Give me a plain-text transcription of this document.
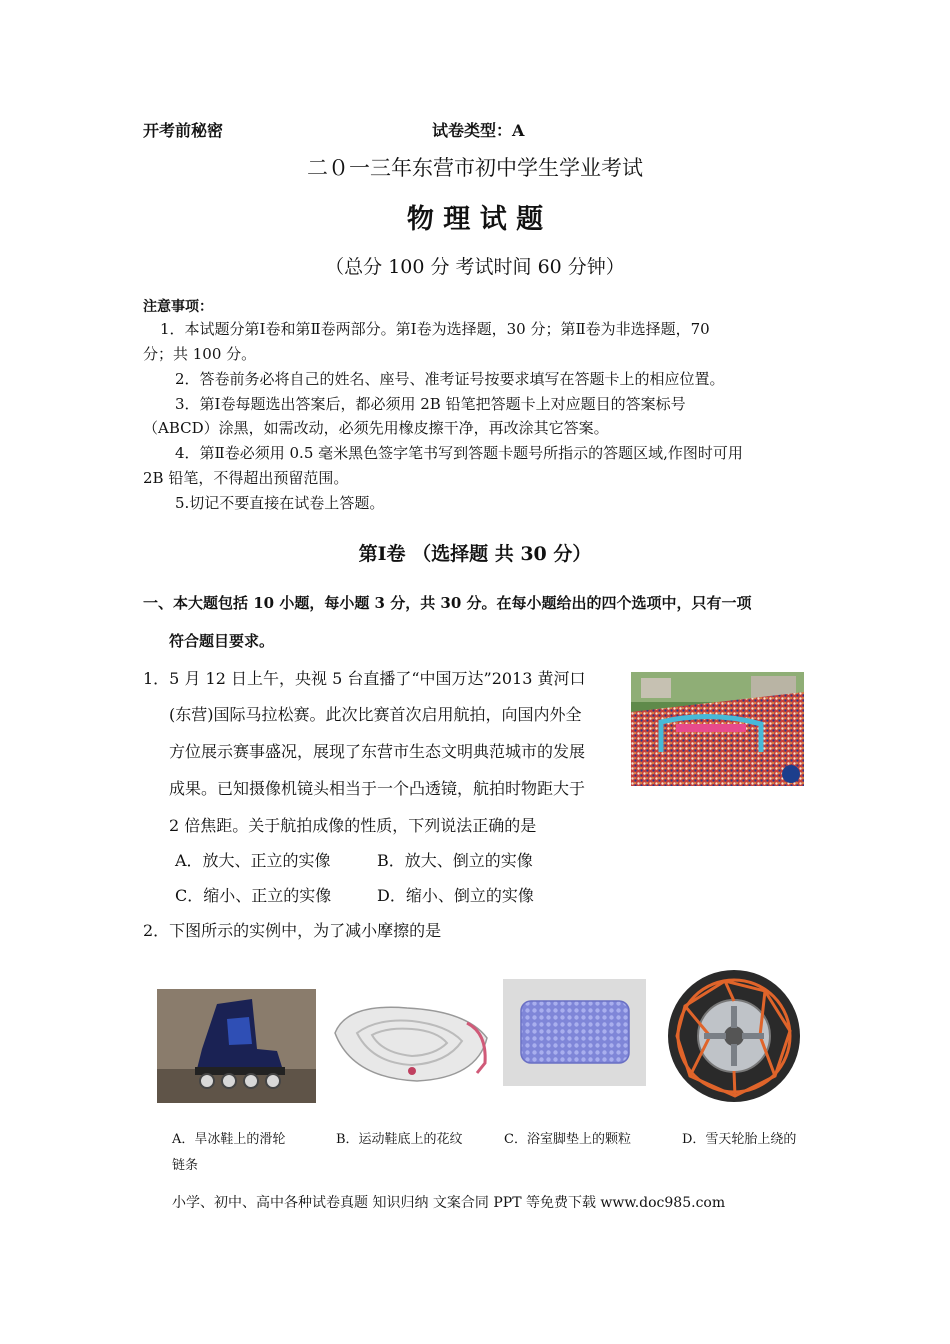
开考前秘密	试卷类型：A
二０一三年东营市初中学生学业考试
物 理 试 题
（总分 100 分 考试时间 60 分钟）
注意事项：
1．本试题分第Ⅰ卷和第Ⅱ卷两部分。第Ⅰ卷为选择题，30 分；第Ⅱ卷为非选择题，70
分；共 100 分。
2．答卷前务必将自己的姓名、座号、准考证号按要求填写在答题卡上的相应位置。
3．第Ⅰ卷每题选出答案后，都必须用 2B 铅笔把答题卡上对应题目的答案标号
（ABCD）涂黑，如需改动，必须先用橡皮擦干净，再改涂其它答案。
4．第Ⅱ卷必须用 0.5 毫米黑色签字笔书写到答题卡题号所指示的答题区域,作图时可用
2B 铅笔，不得超出预留范围。
5.切记不要直接在试卷上答题。
第Ⅰ卷 （选择题 共 30 分）
一、本大题包括 10 小题，每小题 3 分，共 30 分。在每小题给出的四个选项中，只有一项
符合题目要求。
1．5 月 12 日上午，央视 5 台直播了“中国万达”2013 黄河口
(东营)国际马拉松赛。此次比赛首次启用航拍，向国内外全
方位展示赛事盛况，展现了东营市生态文明典范城市的发展
成果。已知摄像机镜头相当于一个凸透镜，航拍时物距大于
2 倍焦距。关于航拍成像的性质，下列说法正确的是
A．放大、正立的实像	B．放大、倒立的实像
C．缩小、正立的实像	D．缩小、倒立的实像
2．下图所示的实例中，为了减小摩擦的是
A．旱冰鞋上的滑轮	B．运动鞋底上的花纹	C．浴室脚垫上的颗粒	D．雪天轮胎上绕的
链条
小学、初中、高中各种试卷真题 知识归纳 文案合同 PPT 等免费下载 www.doc985.com
